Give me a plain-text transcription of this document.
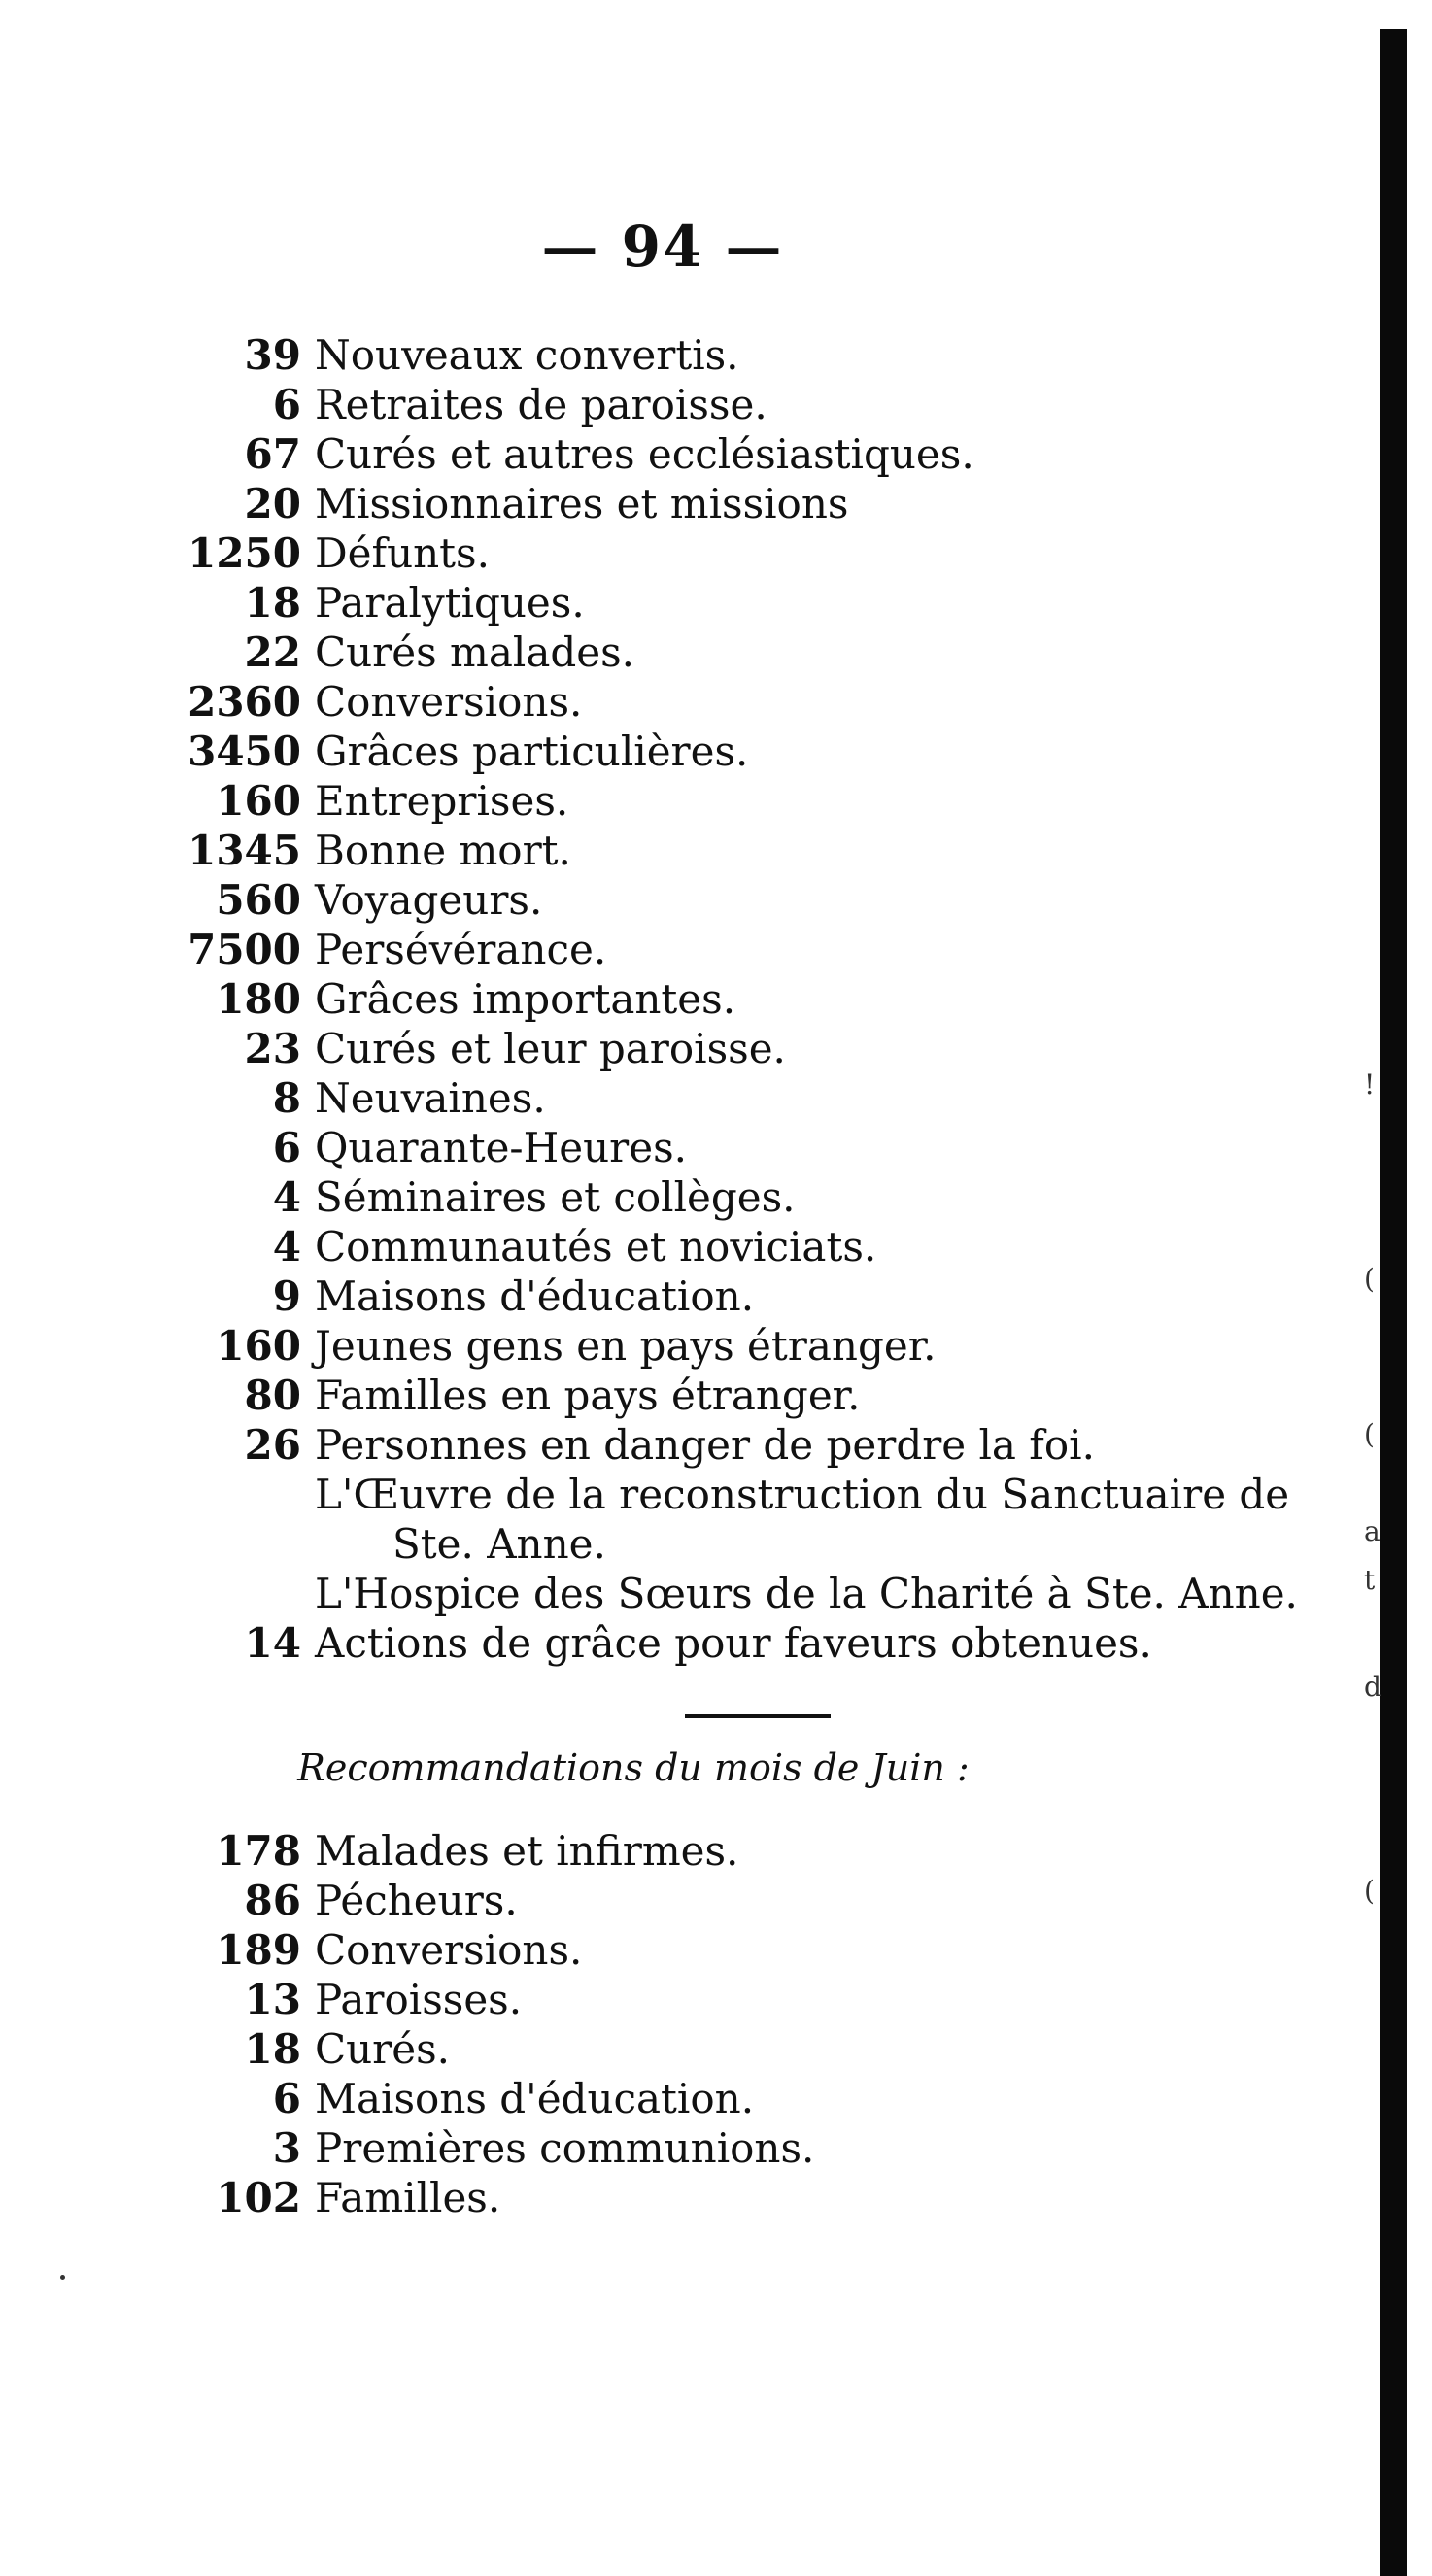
— 94 —
39 Nouveaux convertis.
6 Retraites de paroisse.
67 Curés et autres ecclésiastiques.
20 Missionnaires et missions
1250 Défunts.
18 Paralytiques.
22 Curés malades.
2360 Conversions.
3450 Grâces particulières.
160 Entreprises.
1345 Bonne mort.
560 Voyageurs.
7500 Persévérance.
180 Grâces importantes.
23 Curés et leur paroisse.
8 Neuvaines.
6 Quarante-Heures.
4 Séminaires et collèges.
4 Communautés et noviciats.
9 Maisons d'éducation.
160 Jeunes gens en pays étranger.
80 Familles en pays étranger.
26 Personnes en danger de perdre la foi.
L'Œuvre de la reconstruction du Sanctuaire de
Ste. Anne.
L'Hospice des Sœurs de la Charité à Ste. Anne.
14 Actions de grâce pour faveurs obtenues.
Recommandations du mois de Juin :
178 Malades et infirmes.
86 Pécheurs.
189 Conversions.
13 Paroisses.
18 Curés.
6 Maisons d'éducation.
3 Premières communions.
102 Familles.
!
(
(
a
t
d
(
